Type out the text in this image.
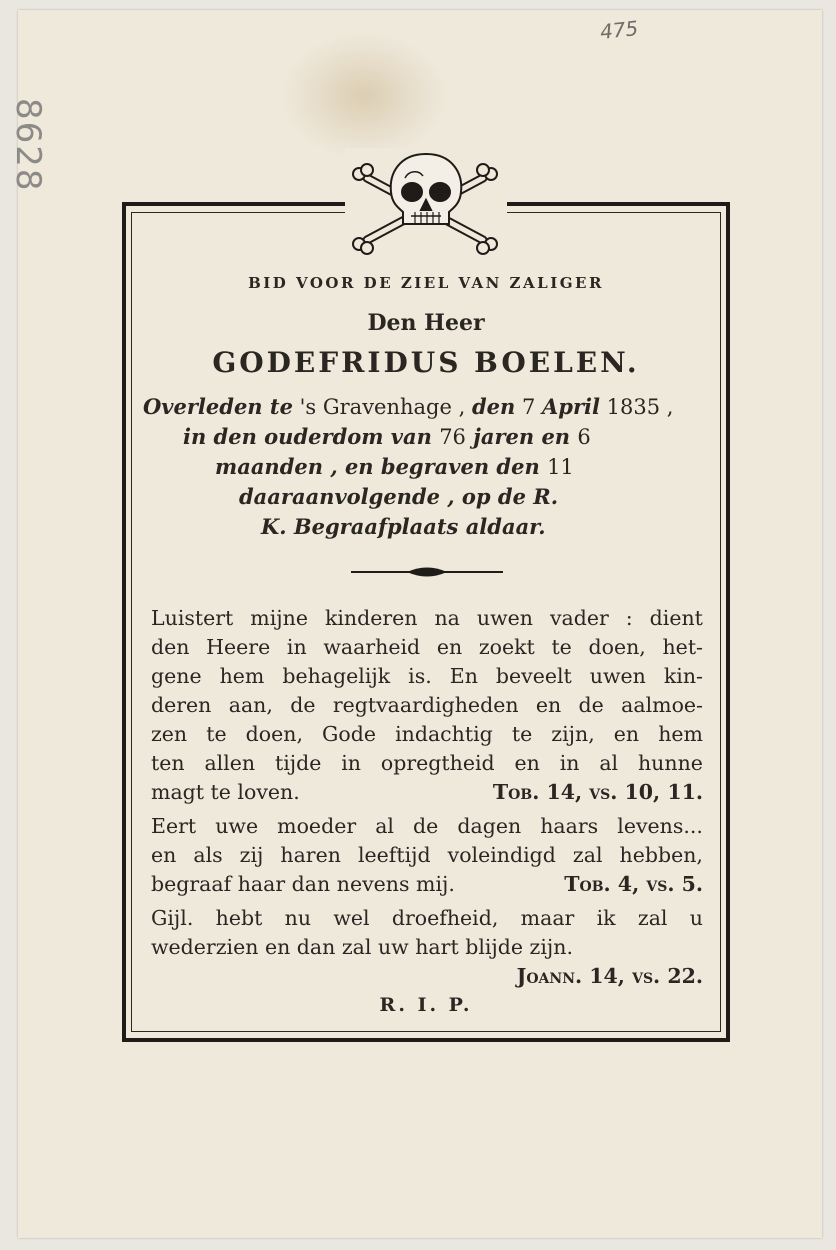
8628
475
BID VOOR DE ZIEL VAN ZALIGER
Den Heer
GODEFRIDUS BOELEN.
Overleden te 's Gravenhage , den 7 April 1835 ,
in den ouderdom van 76 jaren en 6
maanden , en begraven den 11
daaraanvolgende , op de R.
K. Begraafplaats aldaar.
Luistert mijne kinderen na uwen vader : dient
den Heere in waarheid en zoekt te doen, het-
gene hem behagelijk is. En beveelt uwen kin-
deren aan, de regtvaardigheden en de aalmoe-
zen te doen, Gode indachtig te zijn, en hem
ten allen tijde in opregtheid en in al hunne
magt te loven.	Tob. 14, vs. 10, 11.
Eert uwe moeder al de dagen haars levens...
en als zij haren leeftijd voleindigd zal hebben,
begraaf haar dan nevens mij.	Tob. 4, vs. 5.
Gijl. hebt nu wel droefheid, maar ik zal u
wederzien en dan zal uw hart blijde zijn.
Joann. 14, vs. 22.
R. I. P.
